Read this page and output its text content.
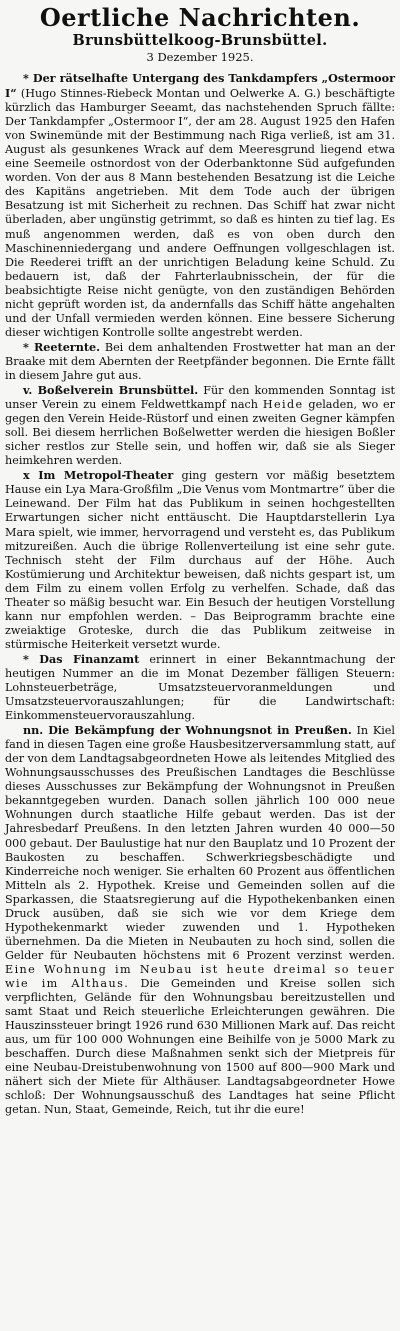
Oertliche Nachrichten.
Brunsbüttelkoog-Brunsbüttel.
3 Dezember 1925.

* Der rätselhafte Untergang des Tankdampfers „Ostermoor I“ (Hugo Stinnes-Riebeck Montan und Oelwerke A. G.) beschäftigte kürzlich das Hamburger Seeamt, das nachstehenden Spruch fällte: Der Tankdampfer „Ostermoor I“, der am 28. August 1925 den Hafen von Swinemünde mit der Bestimmung nach Riga verließ, ist am 31. August als gesunkenes Wrack auf dem Meeresgrund liegend etwa eine Seemeile ostnordost von der Oderbanktonne Süd aufgefunden worden. Von der aus 8 Mann bestehenden Besatzung ist die Leiche des Kapitäns angetrieben. Mit dem Tode auch der übrigen Besatzung ist mit Sicherheit zu rechnen. Das Schiff hat zwar nicht überladen, aber ungünstig getrimmt, so daß es hinten zu tief lag. Es muß angenommen werden, daß es von oben durch den Maschinenniedergang und andere Oeffnungen vollgeschlagen ist. Die Reederei trifft an der unrichtigen Beladung keine Schuld. Zu bedauern ist, daß der Fahrterlaubnisschein, der für die beabsichtigte Reise nicht genügte, von den zuständigen Behörden nicht geprüft worden ist, da andernfalls das Schiff hätte angehalten und der Unfall vermieden werden können. Eine bessere Sicherung dieser wichtigen Kontrolle sollte angestrebt werden.

* Reeternte. Bei dem anhaltenden Frostwetter hat man an der Braake mit dem Abernten der Reetpfänder begonnen. Die Ernte fällt in diesem Jahre gut aus.

v. Boßelverein Brunsbüttel. Für den kommenden Sonntag ist unser Verein zu einem Feldwettkampf nach Heide geladen, wo er gegen den Verein Heide-Rüstorf und einen zweiten Gegner kämpfen soll. Bei diesem herrlichen Boßelwetter werden die hiesigen Boßler sicher restlos zur Stelle sein, und hoffen wir, daß sie als Sieger heimkehren werden.

x Im Metropol-Theater ging gestern vor mäßig besetztem Hause ein Lya Mara-Großfilm „Die Venus vom Montmartre“ über die Leinewand. Der Film hat das Publikum in seinen hochgestellten Erwartungen sicher nicht enttäuscht. Die Hauptdarstellerin Lya Mara spielt, wie immer, hervorragend und versteht es, das Publikum mitzureißen. Auch die übrige Rollenverteilung ist eine sehr gute. Technisch steht der Film durchaus auf der Höhe. Auch Kostümierung und Architektur beweisen, daß nichts gespart ist, um dem Film zu einem vollen Erfolg zu verhelfen. Schade, daß das Theater so mäßig besucht war. Ein Besuch der heutigen Vorstellung kann nur empfohlen werden. – Das Beiprogramm brachte eine zweiaktige Groteske, durch die das Publikum zeitweise in stürmische Heiterkeit versetzt wurde.

* Das Finanzamt erinnert in einer Bekanntmachung der heutigen Nummer an die im Monat Dezember fälligen Steuern: Lohnsteuerbeträge, Umsatzsteuervoranmeldungen und Umsatzsteuervorauszahlungen; für die Landwirtschaft: Einkommensteuervorauszahlung.

nn. Die Bekämpfung der Wohnungsnot in Preußen. In Kiel fand in diesen Tagen eine große Hausbesitzerversammlung statt, auf der von dem Landtagsabgeordneten Howe als leitendes Mitglied des Wohnungsausschusses des Preußischen Landtages die Beschlüsse dieses Ausschusses zur Bekämpfung der Wohnungsnot in Preußen bekanntgegeben wurden. Danach sollen jährlich 100 000 neue Wohnungen durch staatliche Hilfe gebaut werden. Das ist der Jahresbedarf Preußens. In den letzten Jahren wurden 40 000—50 000 gebaut. Der Baulustige hat nur den Bauplatz und 10 Prozent der Baukosten zu beschaffen. Schwerkriegsbeschädigte und Kinderreiche noch weniger. Sie erhalten 60 Prozent aus öffentlichen Mitteln als 2. Hypothek. Kreise und Gemeinden sollen auf die Sparkassen, die Staatsregierung auf die Hypothekenbanken einen Druck ausüben, daß sie sich wie vor dem Kriege dem Hypothekenmarkt wieder zuwenden und 1. Hypotheken übernehmen. Da die Mieten in Neubauten zu hoch sind, sollen die Gelder für Neubauten höchstens mit 6 Prozent verzinst werden. Eine Wohnung im Neubau ist heute dreimal so teuer wie im Althaus. Die Gemeinden und Kreise sollen sich verpflichten, Gelände für den Wohnungsbau bereitzustellen und samt Staat und Reich steuerliche Erleichterungen gewähren. Die Hauszinssteuer bringt 1926 rund 630 Millionen Mark auf. Das reicht aus, um für 100 000 Wohnungen eine Beihilfe von je 5000 Mark zu beschaffen. Durch diese Maßnahmen senkt sich der Mietpreis für eine Neubau-Dreistubenwohnung von 1500 auf 800—900 Mark und nähert sich der Miete für Althäuser. Landtagsabgeordneter Howe schloß: Der Wohnungsausschuß des Landtages hat seine Pflicht getan. Nun, Staat, Gemeinde, Reich, tut ihr die eure!
